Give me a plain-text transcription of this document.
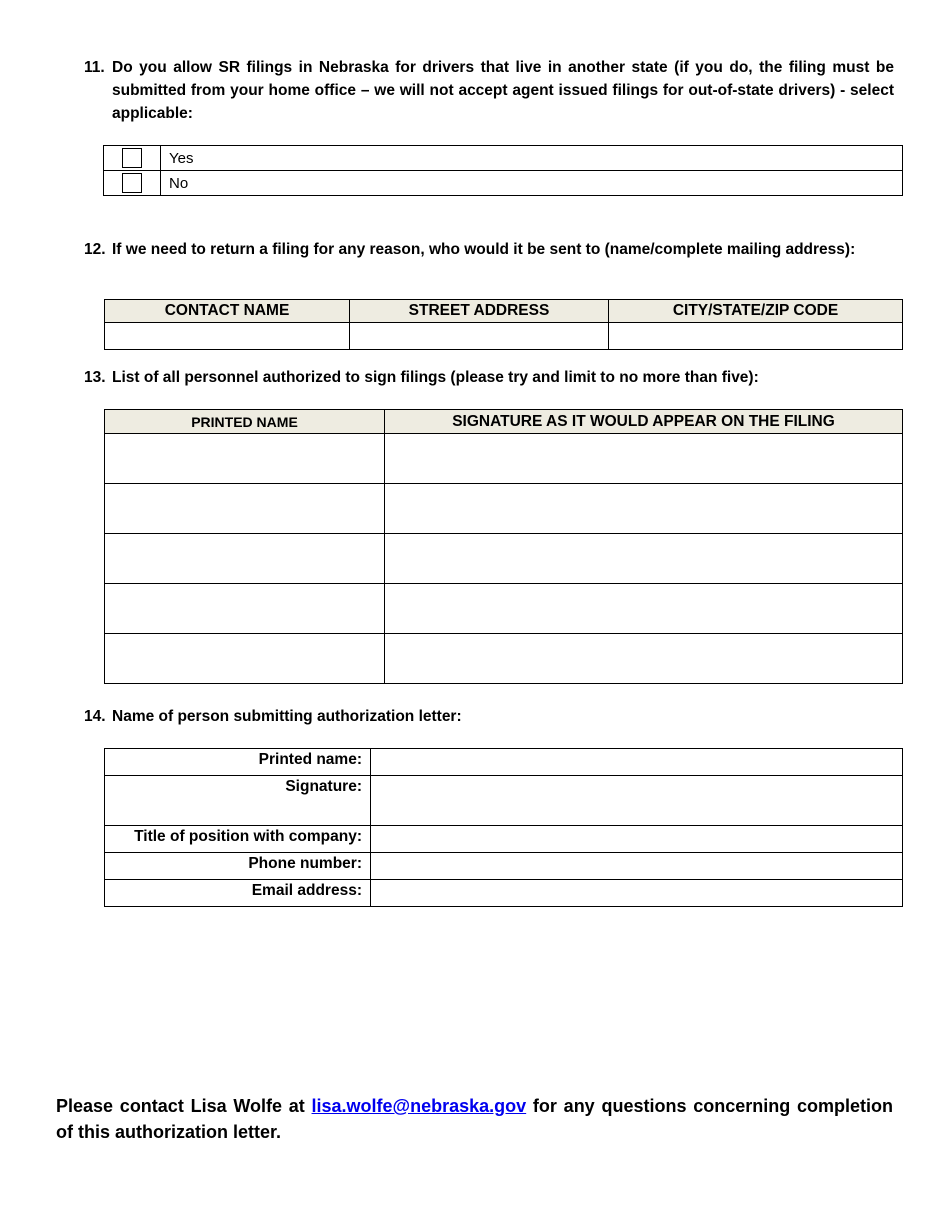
11. Do you allow SR filings in Nebraska for drivers that live in another state (if you do, the filing must be submitted from your home office – we will not accept agent issued filings for out-of-state drivers) - select applicable:
	Yes

	No
12. If we need to return a filing for any reason, who would it be sent to (name/complete mailing address):
CONTACT NAME	STREET ADDRESS	CITY/STATE/ZIP CODE

13. List of all personnel authorized to sign filings (please try and limit to no more than five):
PRINTED NAME	SIGNATURE AS IT WOULD APPEAR ON THE FILING

14. Name of person submitting authorization letter:
Printed name:	
Signature:	
Title of position with company:	
Phone number:	
Email address:	
Please contact Lisa Wolfe at lisa.wolfe@nebraska.gov for any questions concerning completion of this authorization letter.
